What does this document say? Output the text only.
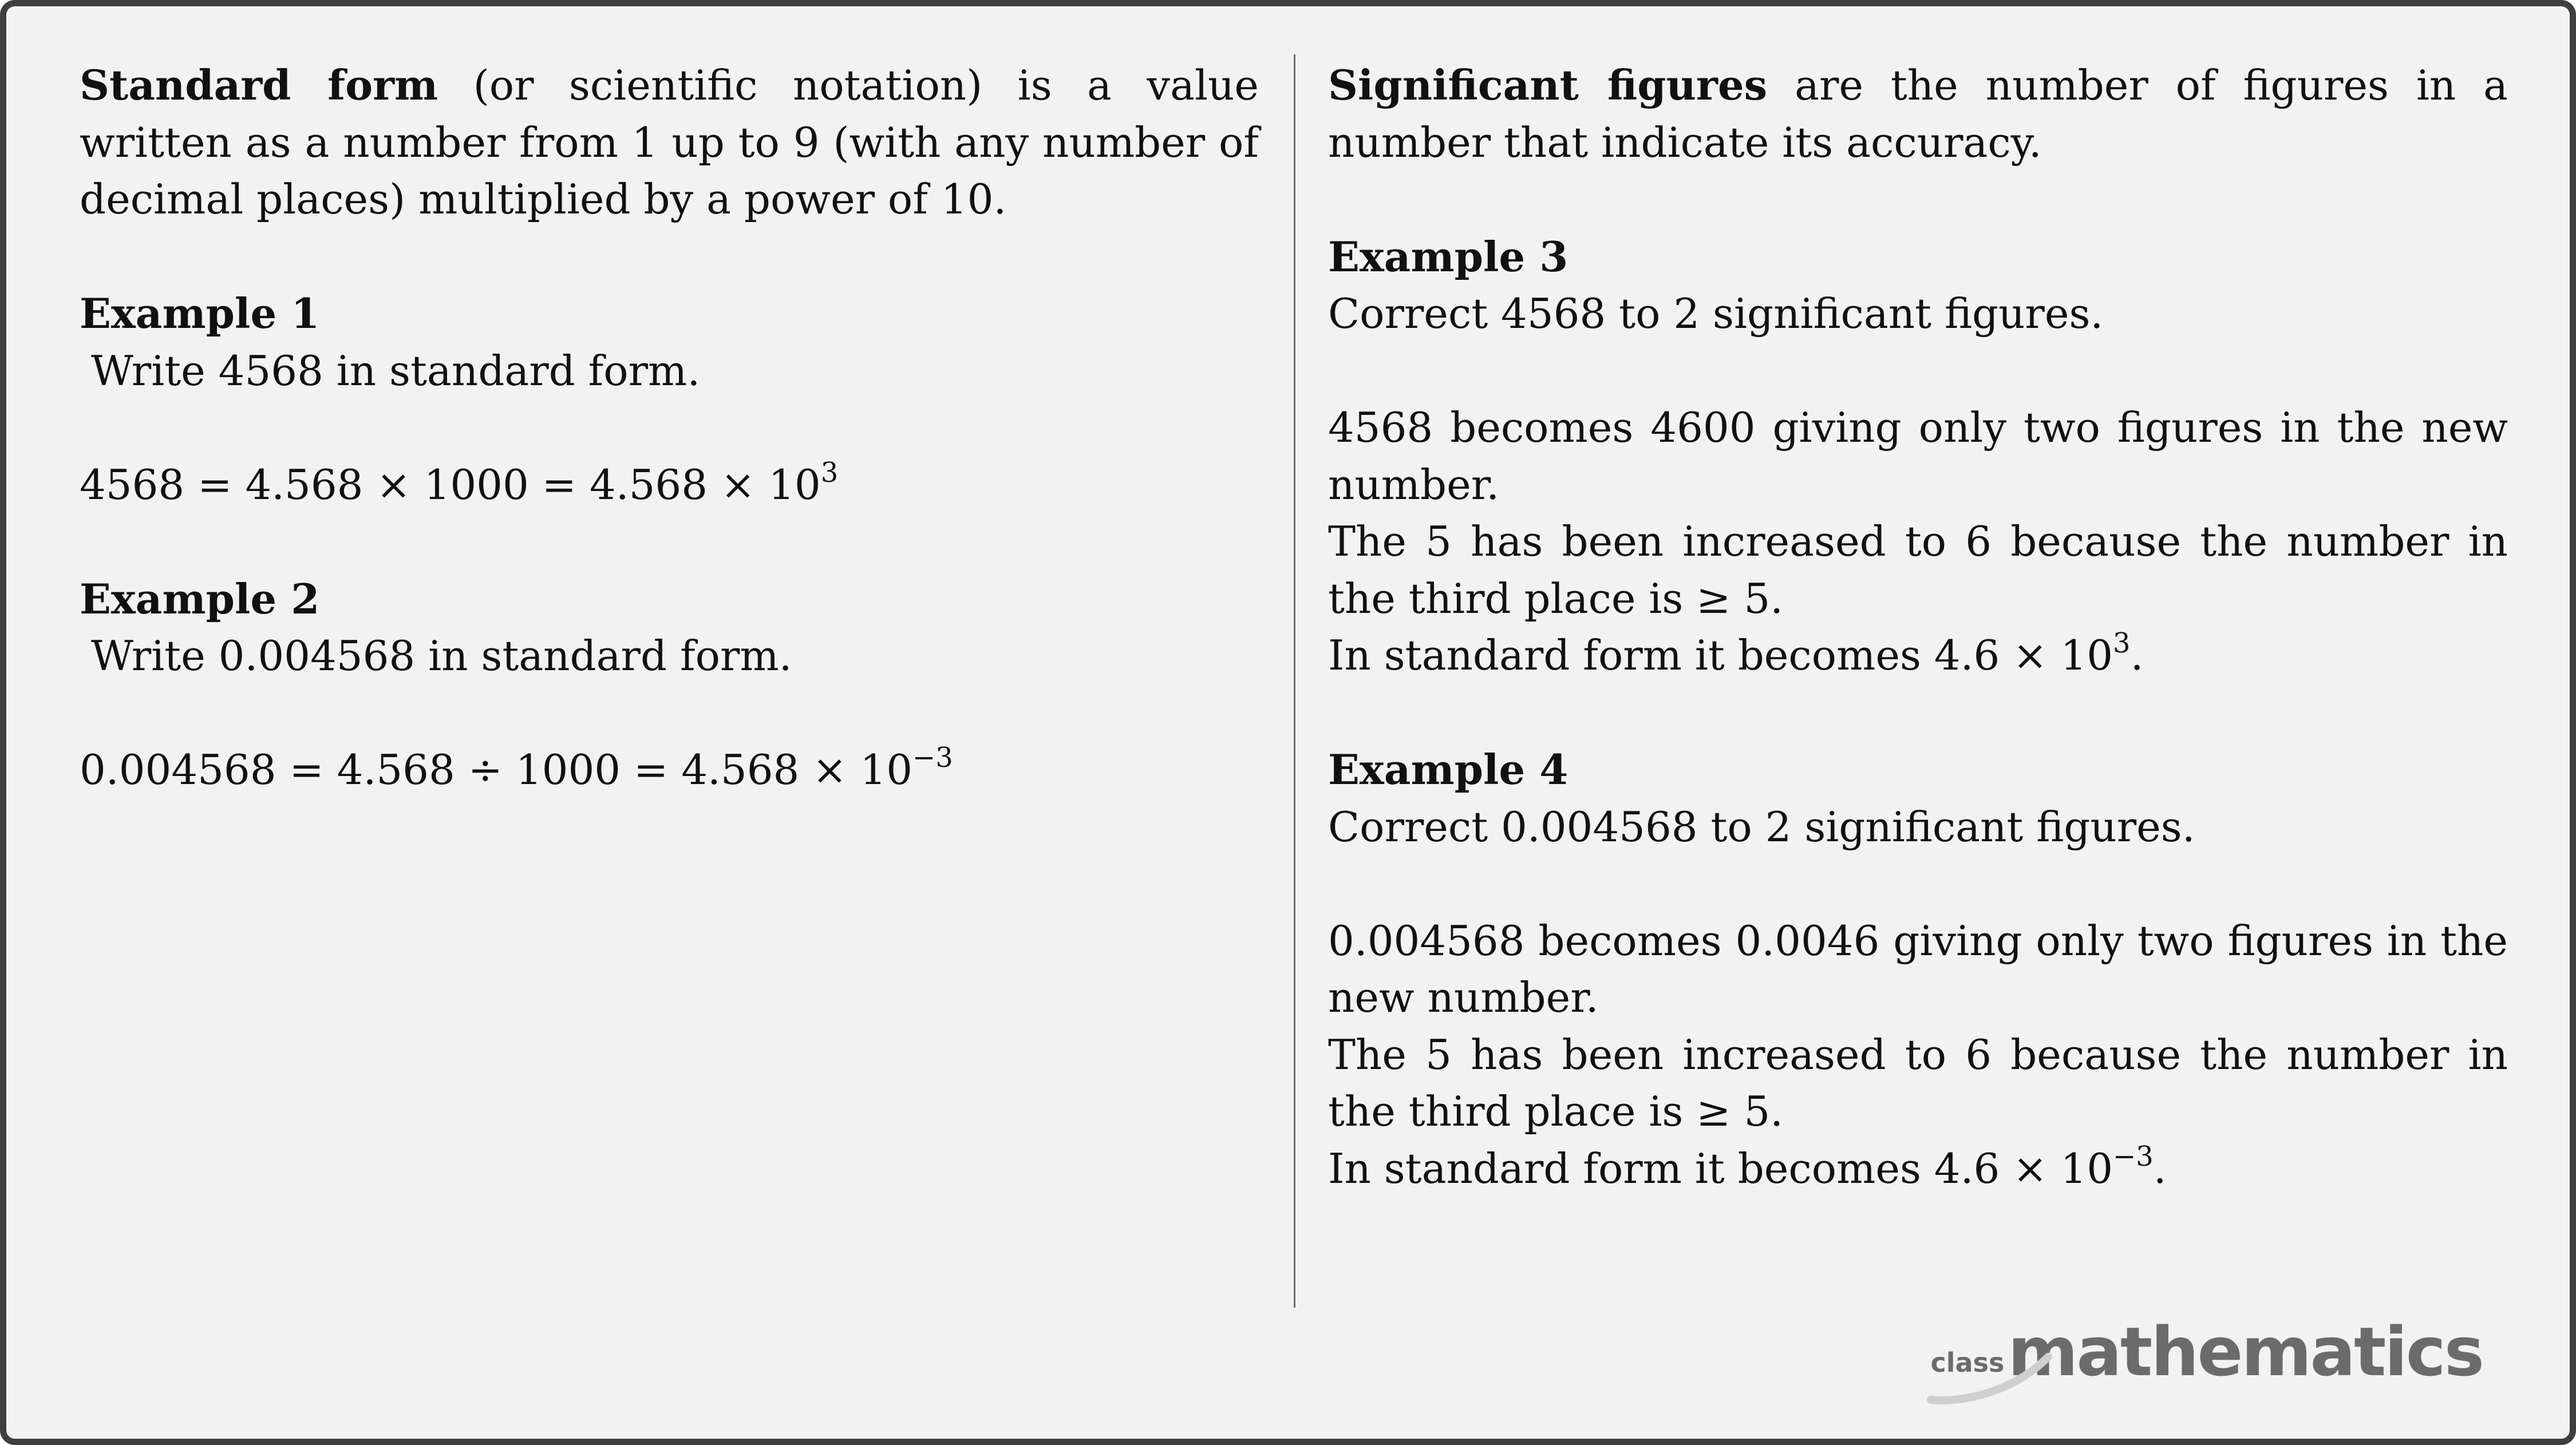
Standard form (or scientific notation) is a value written as a number from 1 up to 9 (with any number of decimal places) multiplied by a power of 10.

Example 1

Write 4568 in standard form.

$4568 = 4.568 \times 1000 = 4.568 \times 10^3$

Example 2

Write 0.004568 in standard form.

$0.004568 = 4.568 \div 1000 = 4.568 \times 10^{-3}$

Significant figures are the number of figures in a number that indicate its accuracy.

Example 3

Correct 4568 to 2 significant figures.

4568 becomes 4600 giving only two figures in the new number.

The 5 has been increased to 6 because the number in the third place is ≥ 5.

In standard form it becomes $4.6 \times 10^3$.

Example 4

Correct 0.004568 to 2 significant figures.

0.004568 becomes 0.0046 giving only two figures in the new number.

The 5 has been increased to 6 because the number in the third place is ≥ 5.

In standard form it becomes $4.6 \times 10^{-3}$.

class mathematics
